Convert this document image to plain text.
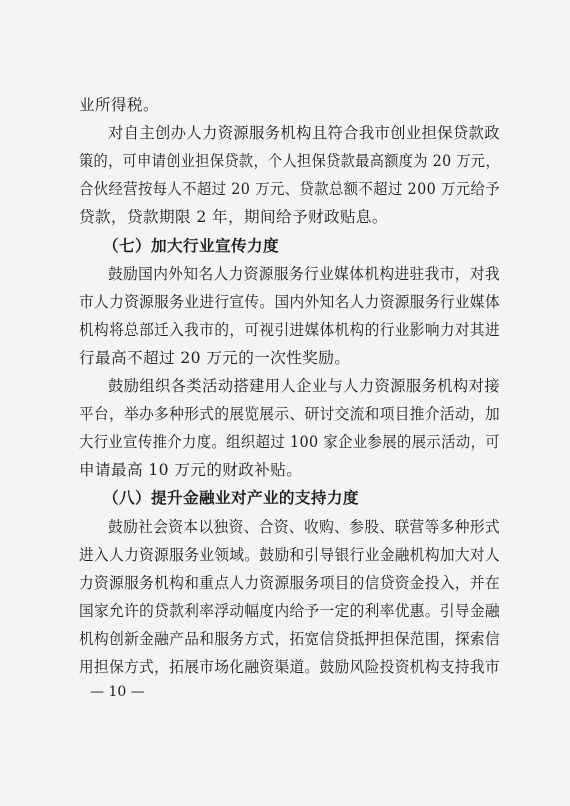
业所得税。
对自主创办人力资源服务机构且符合我市创业担保贷款政
策的，可申请创业担保贷款，个人担保贷款最高额度为 20 万元，
合伙经营按每人不超过 20 万元、贷款总额不超过 200 万元给予
贷款，贷款期限 2 年，期间给予财政贴息。
（七）加大行业宣传力度
鼓励国内外知名人力资源服务行业媒体机构进驻我市，对我
市人力资源服务业进行宣传。国内外知名人力资源服务行业媒体
机构将总部迁入我市的，可视引进媒体机构的行业影响力对其进
行最高不超过 20 万元的一次性奖励。
鼓励组织各类活动搭建用人企业与人力资源服务机构对接
平台，举办多种形式的展览展示、研讨交流和项目推介活动，加
大行业宣传推介力度。组织超过 100 家企业参展的展示活动，可
申请最高 10 万元的财政补贴。
（八）提升金融业对产业的支持力度
鼓励社会资本以独资、合资、收购、参股、联营等多种形式
进入人力资源服务业领域。鼓励和引导银行业金融机构加大对人
力资源服务机构和重点人力资源服务项目的信贷资金投入，并在
国家允许的贷款利率浮动幅度内给予一定的利率优惠。引导金融
机构创新金融产品和服务方式，拓宽信贷抵押担保范围，探索信
用担保方式，拓展市场化融资渠道。鼓励风险投资机构支持我市
— 10 —
